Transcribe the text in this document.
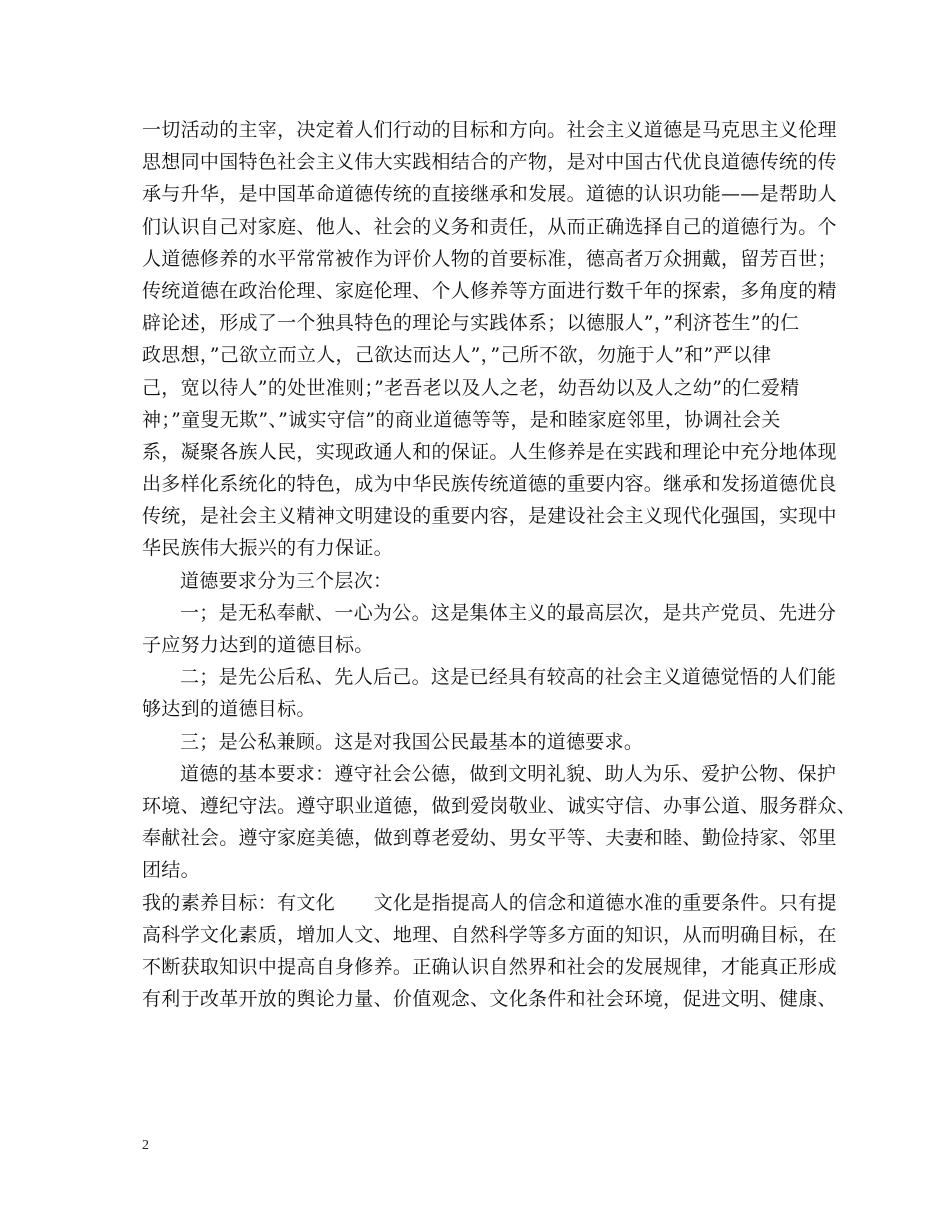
一切活动的主宰，决定着人们行动的目标和方向。社会主义道德是马克思主义伦理
思想同中国特色社会主义伟大实践相结合的产物，是对中国古代优良道德传统的传
承与升华，是中国革命道德传统的直接继承和发展。道德的认识功能——是帮助人
们认识自己对家庭、他人、社会的义务和责任，从而正确选择自己的道德行为。个
人道德修养的水平常常被作为评价人物的首要标准，德高者万众拥戴，留芳百世；
传统道德在政治伦理、家庭伦理、个人修养等方面进行数千年的探索，多角度的精
辟论述，形成了一个独具特色的理论与实践体系；以德服人”，”利济苍生”的仁
政思想，”己欲立而立人，己欲达而达人”，”己所不欲，勿施于人”和”严以律
己，宽以待人”的处世准则；”老吾老以及人之老，幼吾幼以及人之幼”的仁爱精
神；”童叟无欺”、”诚实守信”的商业道德等等，是和睦家庭邻里，协调社会关
系，凝聚各族人民，实现政通人和的保证。人生修养是在实践和理论中充分地体现
出多样化系统化的特色，成为中华民族传统道德的重要内容。继承和发扬道德优良
传统，是社会主义精神文明建设的重要内容，是建设社会主义现代化强国，实现中
华民族伟大振兴的有力保证。
道德要求分为三个层次：
一；是无私奉献、一心为公。这是集体主义的最高层次，是共产党员、先进分
子应努力达到的道德目标。
二；是先公后私、先人后己。这是已经具有较高的社会主义道德觉悟的人们能
够达到的道德目标。
三；是公私兼顾。这是对我国公民最基本的道德要求。
道德的基本要求：遵守社会公德，做到文明礼貌、助人为乐、爱护公物、保护
环境、遵纪守法。遵守职业道德，做到爱岗敬业、诚实守信、办事公道、服务群众、
奉献社会。遵守家庭美德，做到尊老爱幼、男女平等、夫妻和睦、勤俭持家、邻里
团结。
我的素养目标：有文化　　文化是指提高人的信念和道德水准的重要条件。只有提
高科学文化素质，增加人文、地理、自然科学等多方面的知识，从而明确目标，在
不断获取知识中提高自身修养。正确认识自然界和社会的发展规律，才能真正形成
有利于改革开放的舆论力量、价值观念、文化条件和社会环境，促进文明、健康、
2
